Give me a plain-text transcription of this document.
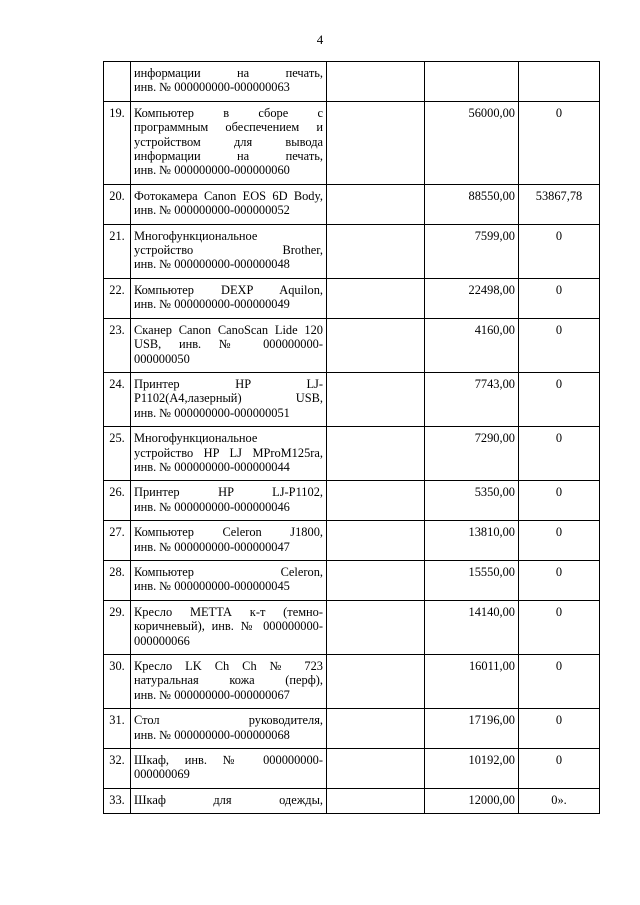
4

	информации на печать,
инв. № 000000000-000000063			

19.	Компьютер в сборе с
программным обеспечением и
устройством для вывода
информации на печать,
инв. № 000000000-000000060		56000,00	0
20.	Фотокамера Canon EOS 6D Body,
инв. № 000000000-000000052		88550,00	53867,78
21.	Многофункциональное
устройство Brother,
инв. № 000000000-000000048		7599,00	0
22.	Компьютер DEXP Aquilon,
инв. № 000000000-000000049		22498,00	0
23.	Сканер Canon CanoScan Lide 120
USB, инв. № 000000000-
000000050		4160,00	0
24.	Принтер HP LJ-
P1102(A4,лазерный) USB,
инв. № 000000000-000000051		7743,00	0
25.	Многофункциональное
устройство HP LJ MProM125ra,
инв. № 000000000-000000044		7290,00	0
26.	Принтер HP LJ-P1102,
инв. № 000000000-000000046		5350,00	0
27.	Компьютер Celeron J1800,
инв. № 000000000-000000047		13810,00	0
28.	Компьютер Celeron,
инв. № 000000000-000000045		15550,00	0
29.	Кресло МЕТТА к-т (темно-
коричневый), инв. № 000000000-
000000066		14140,00	0
30.	Кресло LK Ch Ch № 723
натуральная кожа (перф),
инв. № 000000000-000000067		16011,00	0
31.	Стол руководителя,
инв. № 000000000-000000068		17196,00	0
32.	Шкаф, инв. № 000000000-
000000069		10192,00	0
33.	Шкаф для одежды,		12000,00	0».
